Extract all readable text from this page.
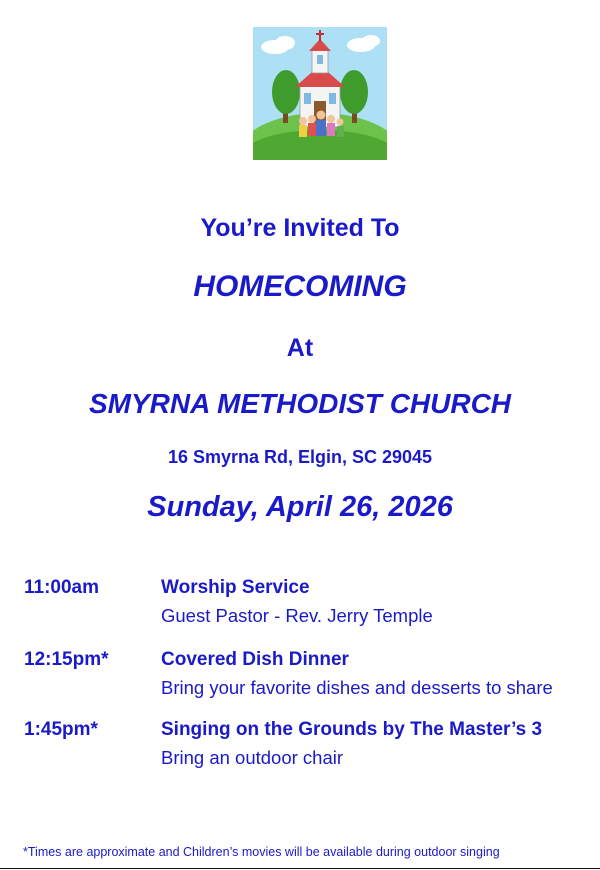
You’re Invited To
HOMECOMING
At
SMYRNA METHODIST CHURCH
16 Smyrna Rd, Elgin, SC 29045
Sunday, April 26, 2026
11:00am	Worship Service
Guest Pastor - Rev. Jerry Temple
12:15pm*	Covered Dish Dinner
Bring your favorite dishes and desserts to share
1:45pm*	Singing on the Grounds by The Master’s 3
Bring an outdoor chair
*Times are approximate and Children’s movies will be available during outdoor singing
